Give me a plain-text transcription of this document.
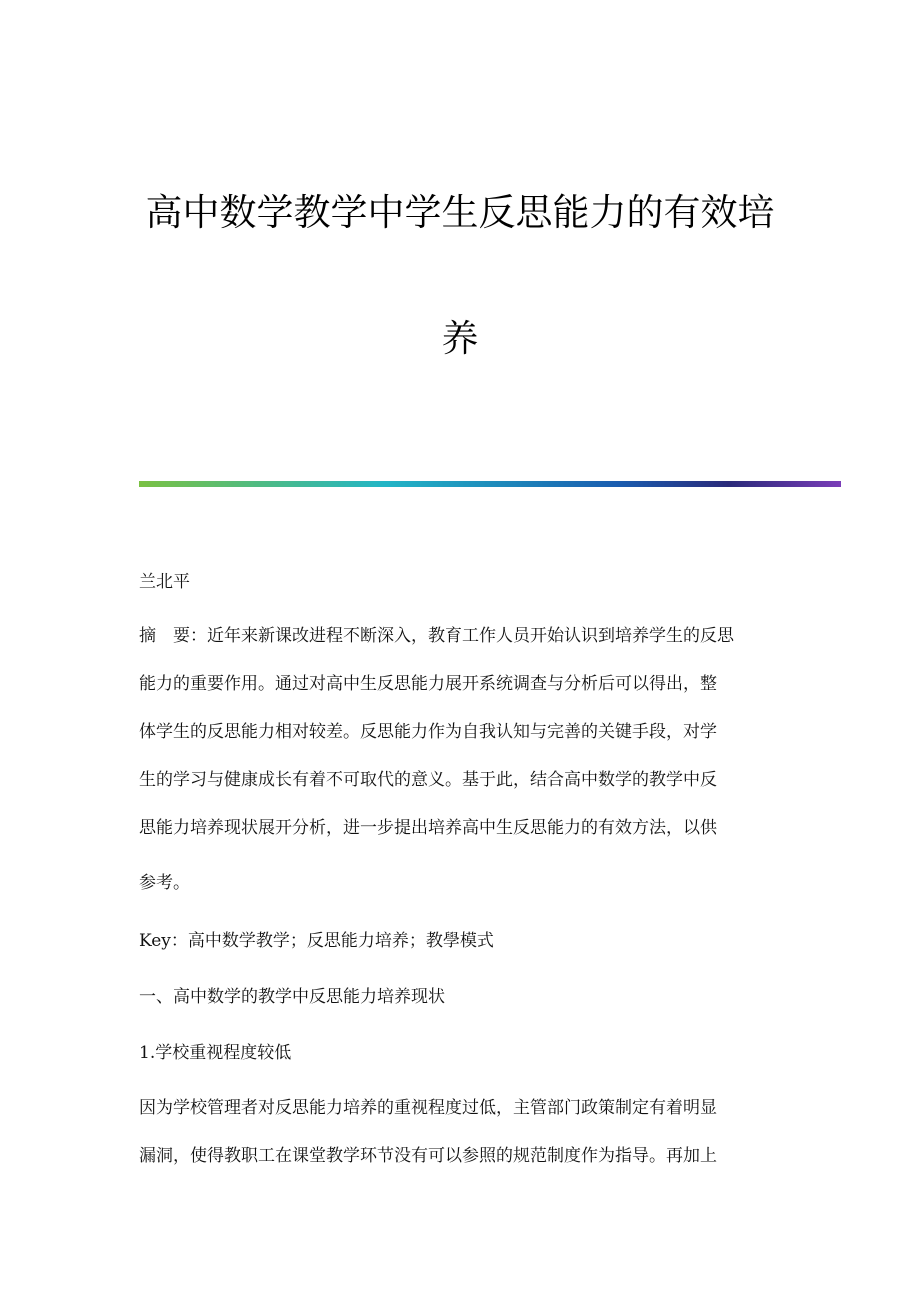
高中数学教学中学生反思能力的有效培
养
兰北平
摘　要：近年来新课改进程不断深入，教育工作人员开始认识到培养学生的反思
能力的重要作用。通过对高中生反思能力展开系统调查与分析后可以得出，整
体学生的反思能力相对较差。反思能力作为自我认知与完善的关键手段，对学
生的学习与健康成长有着不可取代的意义。基于此，结合高中数学的教学中反
思能力培养现状展开分析，进一步提出培养高中生反思能力的有效方法，以供
参考。
Key：高中数学教学；反思能力培养；教學模式
一、高中数学的教学中反思能力培养现状
1.学校重视程度较低
因为学校管理者对反思能力培养的重视程度过低，主管部门政策制定有着明显
漏洞，使得教职工在课堂教学环节没有可以参照的规范制度作为指导。再加上
